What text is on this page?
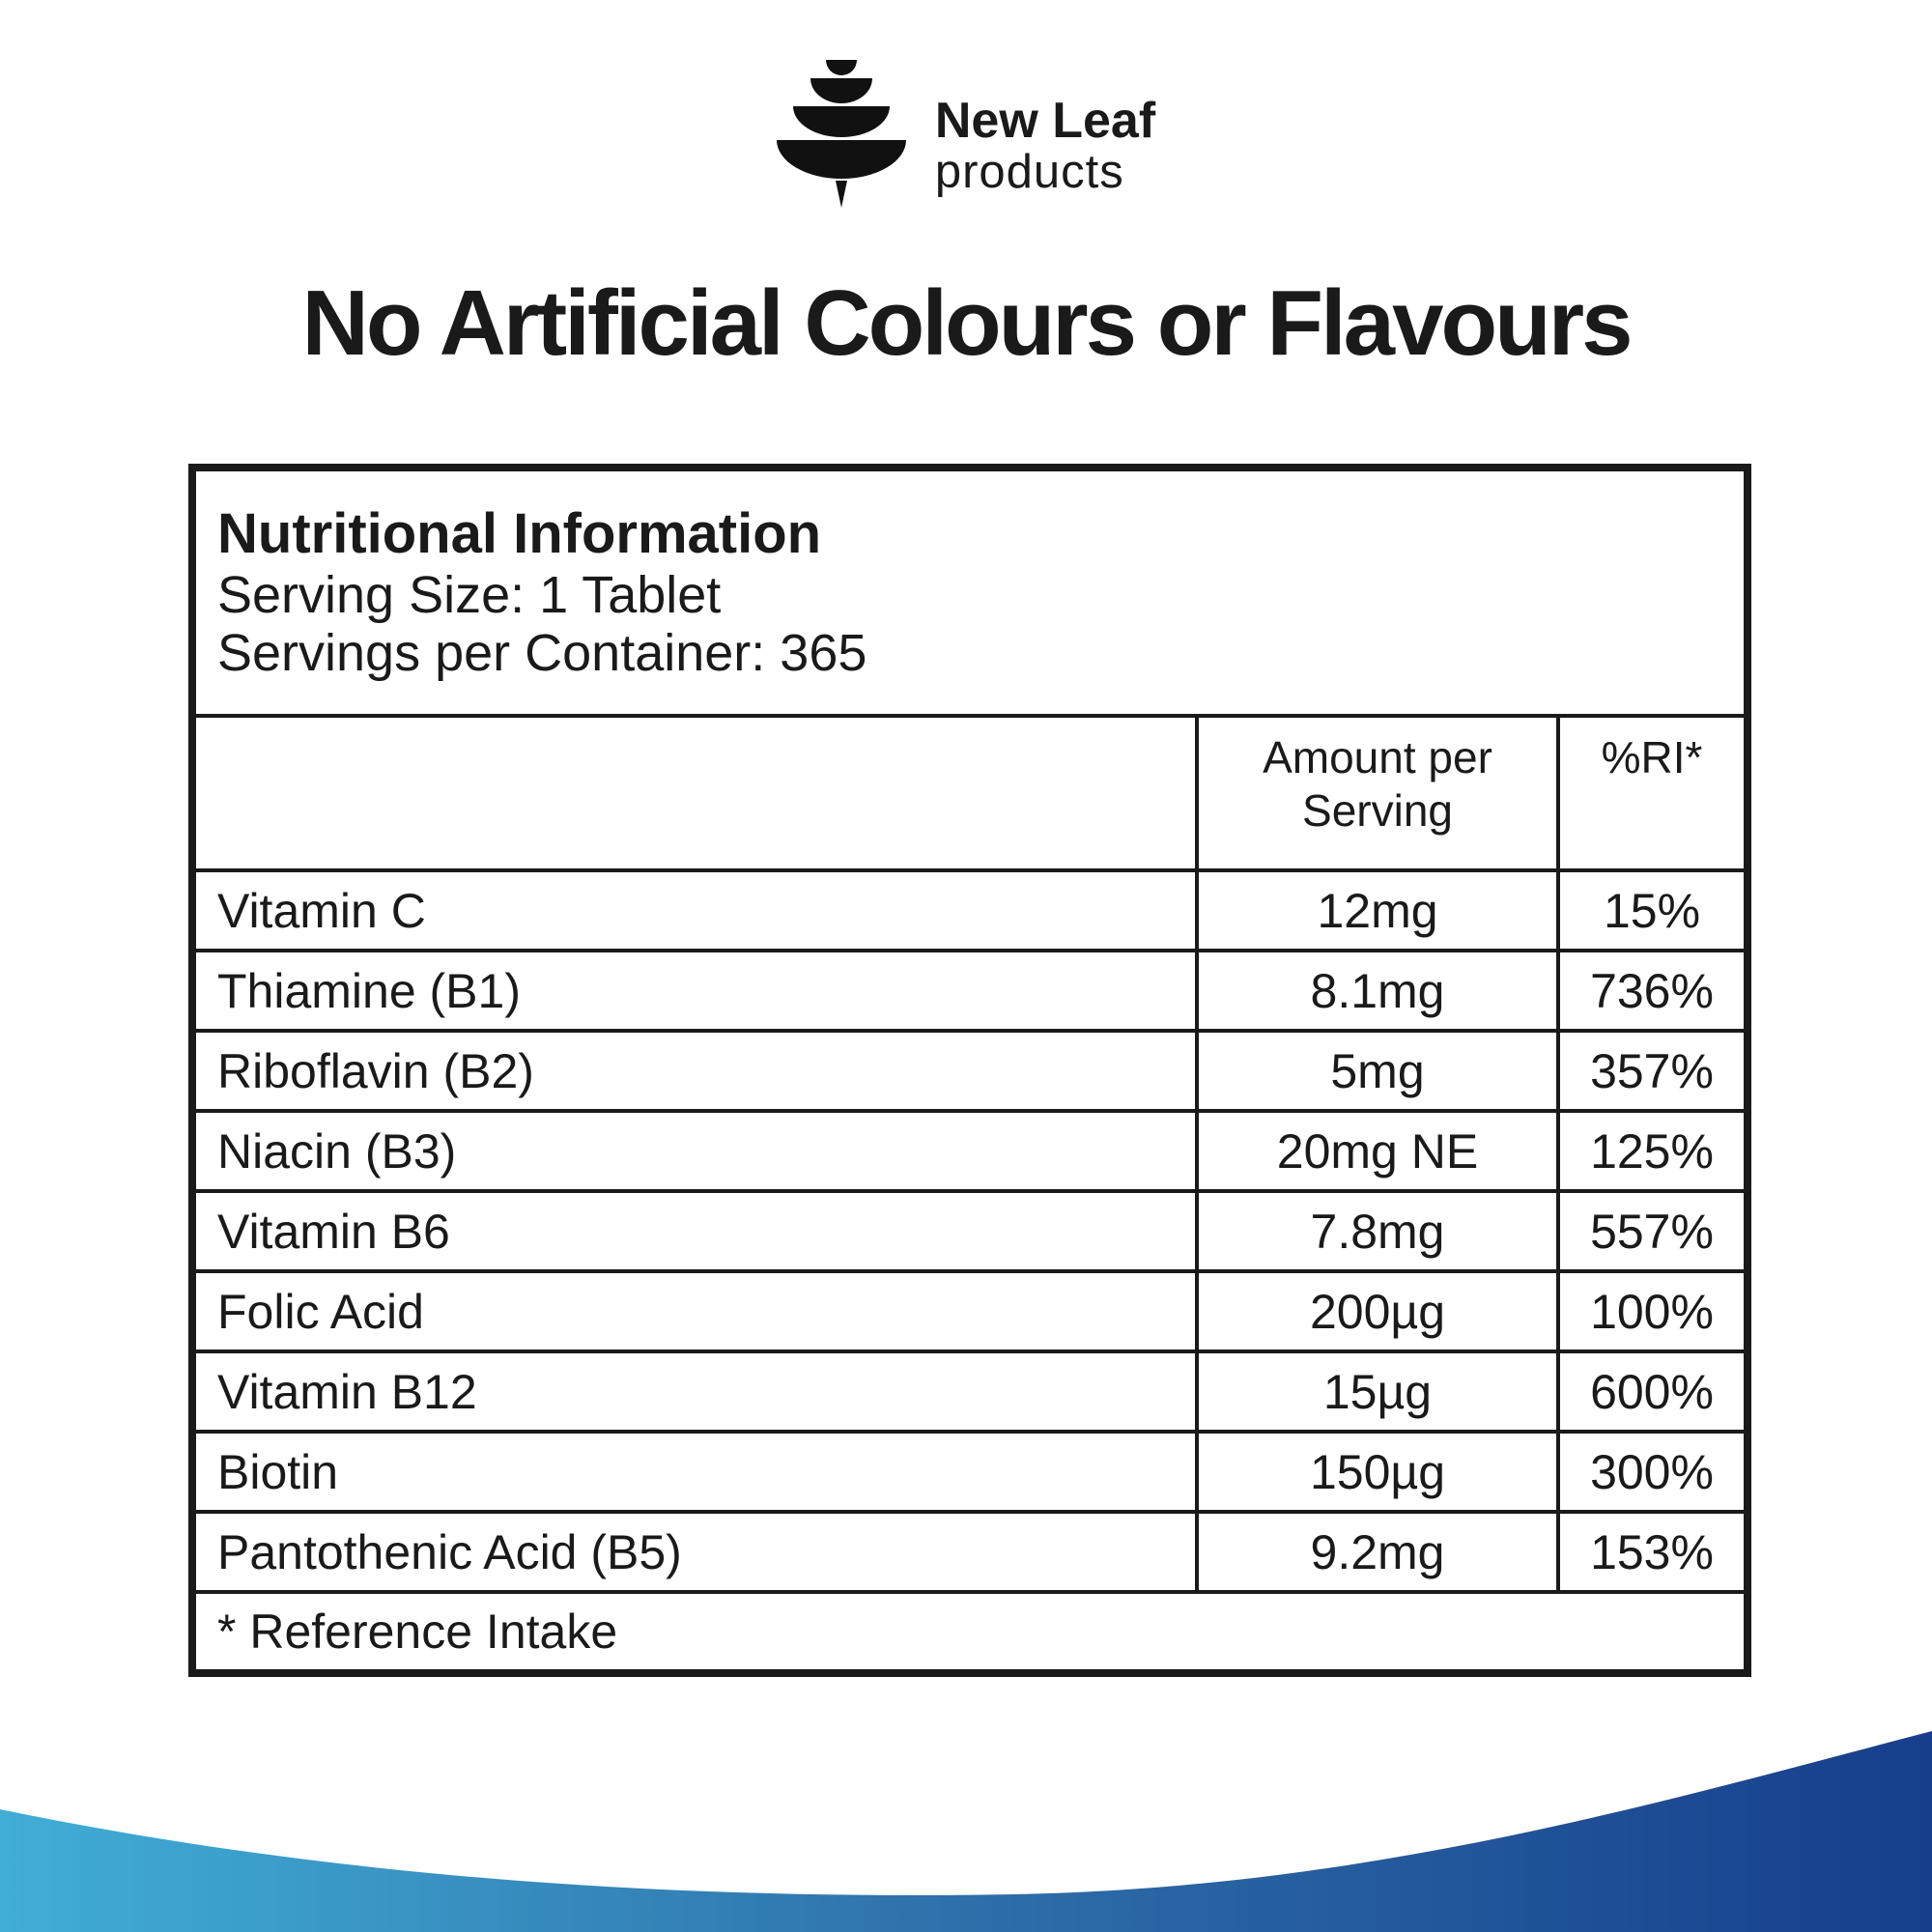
New Leaf
products
No Artificial Colours or Flavours
Nutritional Information
Serving Size: 1 Tablet
Servings per Container: 365		

	Amount per Serving	%RI*
Vitamin C	12mg	15%
Thiamine (B1)	8.1mg	736%
Riboflavin (B2)	5mg	357%
Niacin (B3)	20mg NE	125%
Vitamin B6	7.8mg	557%
Folic Acid	200µg	100%
Vitamin B12	15µg	600%
Biotin	150µg	300%
Pantothenic Acid (B5)	9.2mg	153%
* Reference Intake		
